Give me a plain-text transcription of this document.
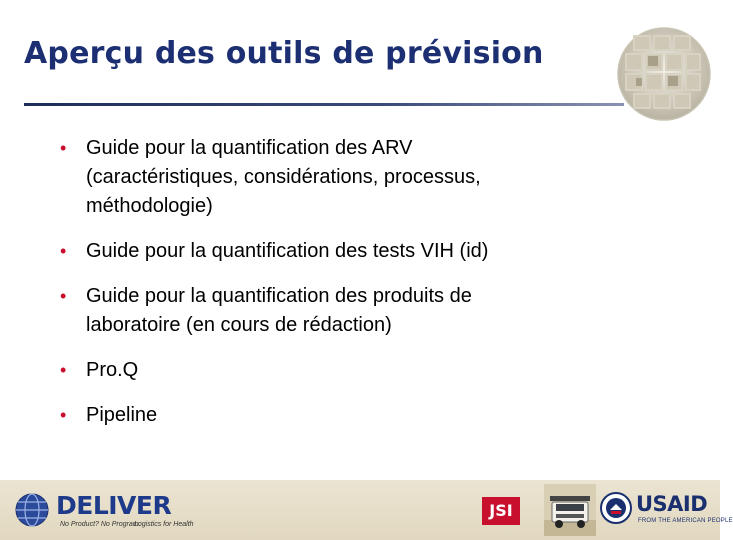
Aperçu des outils de prévision
• Guide pour la quantification des ARV
(caractéristiques, considérations, processus,
méthodologie)
• Guide pour la quantification des tests VIH (id)
• Guide pour la quantification des produits de
laboratoire (en cours de rédaction)
• Pro.Q
• Pipeline
DELIVER
No Product? No Program.
Logistics for Health
JSI	USAID
FROM THE AMERICAN PEOPLE
